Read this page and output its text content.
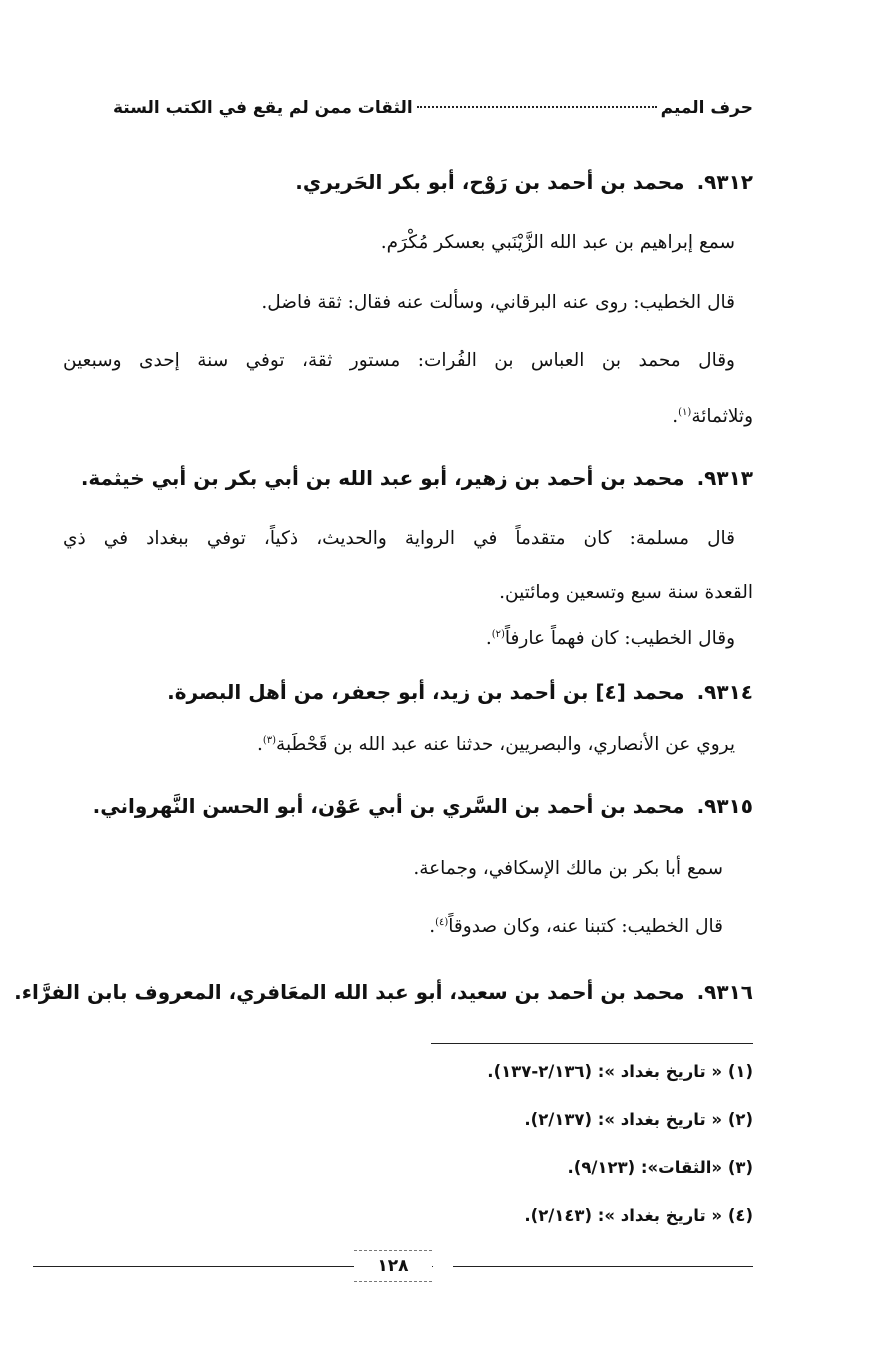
حرف الميم
الثقات ممن لم يقع في الكتب الستة
٩٣١٢.محمد بن أحمد بن رَوْح، أبو بكر الحَريري.
سمع إبراهيم بن عبد الله الزَّيْنَبي بعسكر مُكْرَم.
قال الخطيب: روى عنه البرقاني، وسألت عنه فقال: ثقة فاضل.
وقال محمد بن العباس بن الفُرات: مستور ثقة، توفي سنة إحدى وسبعين
وثلاثمائة$^{(١)}$.
٩٣١٣.محمد بن أحمد بن زهير، أبو عبد الله بن أبي بكر بن أبي خيثمة.
قال مسلمة: كان متقدماً في الرواية والحديث، ذكياً، توفي ببغداد في ذي
القعدة سنة سبع وتسعين ومائتين.
وقال الخطيب: كان فهماً عارفاً$^{(٢)}$.
٩٣١٤.محمد [٤] بن أحمد بن زيد، أبو جعفر، من أهل البصرة.
يروي عن الأنصاري، والبصريين، حدثنا عنه عبد الله بن قَحْطَبة$^{(٣)}$.
٩٣١٥.محمد بن أحمد بن السَّري بن أبي عَوْن، أبو الحسن النَّهرواني.
سمع أبا بكر بن مالك الإسكافي، وجماعة.
قال الخطيب: كتبنا عنه، وكان صدوقاً$^{(٤)}$.
٩٣١٦.محمد بن أحمد بن سعيد، أبو عبد الله المعَافري، المعروف بابن الفرَّاء.
(١) « تاريخ بغداد »: (٢/١٣٦-١٣٧).
(٢) « تاريخ بغداد »: (٢/١٣٧).
(٣) «الثقات»: (٩/١٢٣).
(٤) « تاريخ بغداد »: (٢/١٤٣).
١٢٨
